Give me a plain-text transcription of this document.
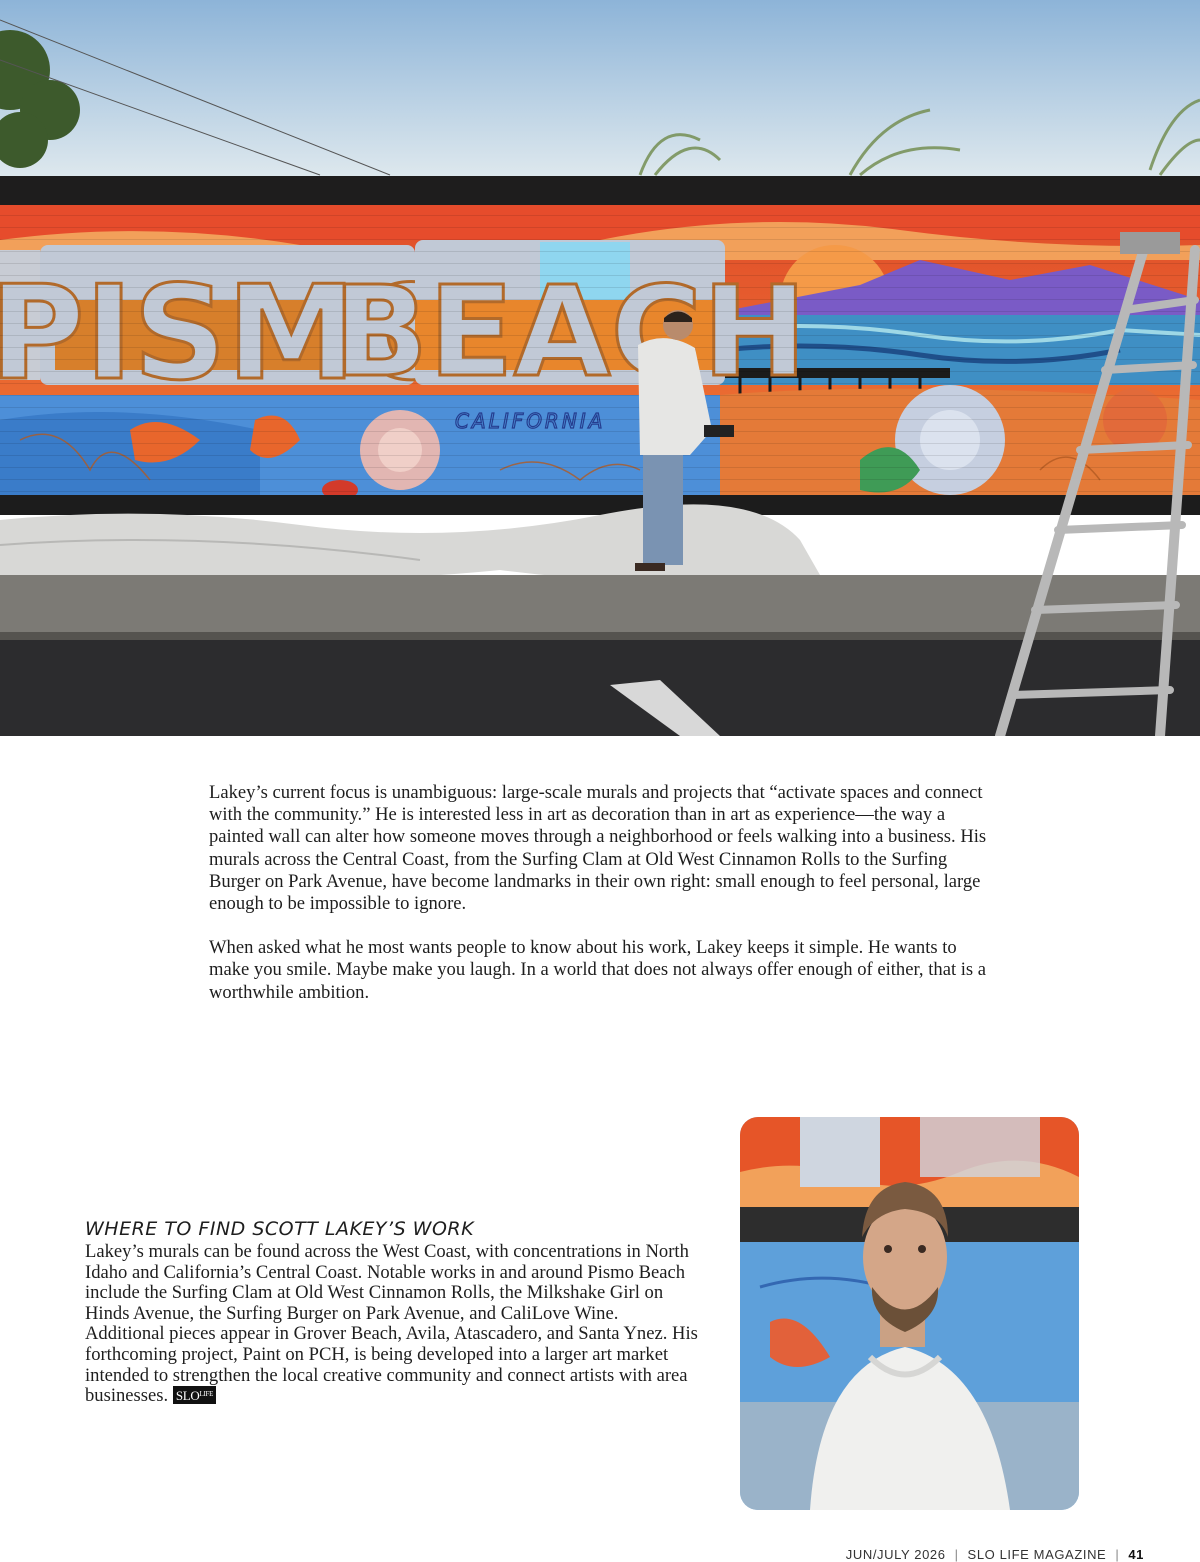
Lakey’s current focus is unambiguous: large-scale murals and projects that “activate spaces and connect with the community.” He is interested less in art as decoration than in art as experience—the way a painted wall can alter how someone moves through a neighborhood or feels walking into a business. His murals across the Central Coast, from the Surfing Clam at Old West Cinnamon Rolls to the Surfing Burger on Park Avenue, have become landmarks in their own right: small enough to feel personal, large enough to be impossible to ignore.

When asked what he most wants people to know about his work, Lakey keeps it simple. He wants to make you smile. Maybe make you laugh. In a world that does not always offer enough of either, that is a worthwhile ambition.

WHERE TO FIND SCOTT LAKEY’S WORK

Lakey’s murals can be found across the West Coast, with concentrations in North Idaho and California’s Central Coast. Notable works in and around Pismo Beach include the Surfing Clam at Old West Cinnamon Rolls, the Milkshake Girl on Hinds Avenue, the Surfing Burger on Park Avenue, and CaliLove Wine. Additional pieces appear in Grover Beach, Avila, Atascadero, and Santa Ynez. His forthcoming project, Paint on PCH, is being developed into a larger art market intended to strengthen the local creative community and connect artists with area businesses. $SLO^{LIFE}$

JUN/JULY 2026 | SLO LIFE MAGAZINE | 41
